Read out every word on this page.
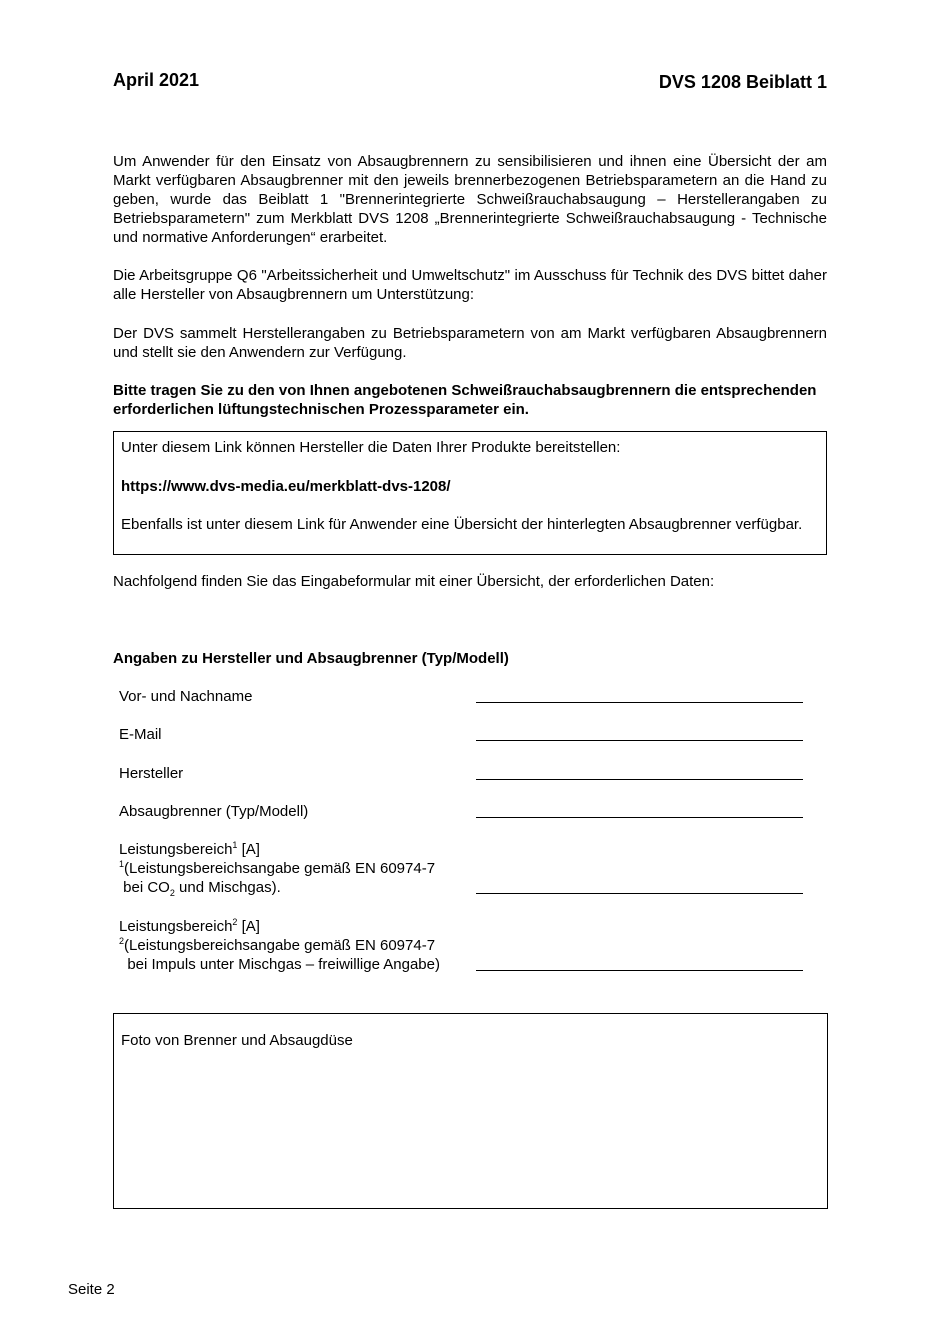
April 2021	DVS 1208 Beiblatt 1

Um Anwender für den Einsatz von Absaugbrennern zu sensibilisieren und ihnen eine Übersicht der am Markt verfügbaren Absaugbrenner mit den jeweils brennerbezogenen Betriebsparametern an die Hand zu geben, wurde das Beiblatt 1 "Brennerintegrierte Schweißrauchabsaugung – Herstellerangaben zu Betriebsparametern" zum Merkblatt DVS 1208 „Brennerintegrierte Schweißrauchabsaugung - Technische und normative Anforderungen“ erarbeitet.

Die Arbeitsgruppe Q6 "Arbeitssicherheit und Umweltschutz" im Ausschuss für Technik des DVS bittet daher alle Hersteller von Absaugbrennern um Unterstützung:

Der DVS sammelt Herstellerangaben zu Betriebsparametern von am Markt verfügbaren Absaugbrennern und stellt sie den Anwendern zur Verfügung.

Bitte tragen Sie zu den von Ihnen angebotenen Schweißrauchabsaugbrennern die entsprechenden erforderlichen lüftungstechnischen Prozessparameter ein.

Unter diesem Link können Hersteller die Daten Ihrer Produkte bereitstellen:
https://www.dvs-media.eu/merkblatt-dvs-1208/
Ebenfalls ist unter diesem Link für Anwender eine Übersicht der hinterlegten Absaugbrenner verfügbar.

Nachfolgend finden Sie das Eingabeformular mit einer Übersicht, der erforderlichen Daten:

Angaben zu Hersteller und Absaugbrenner (Typ/Modell)
Vor- und Nachname
E-Mail
Hersteller
Absaugbrenner (Typ/Modell)
Leistungsbereich$^1$ [A]
$^1$(Leistungsbereichsangabe gemäß EN 60974-7
bei $CO_2$ und Mischgas).
Leistungsbereich$^2$ [A]
$^2$(Leistungsbereichsangabe gemäß EN 60974-7
bei Impuls unter Mischgas – freiwillige Angabe)
Foto von Brenner und Absaugdüse
Seite 2
